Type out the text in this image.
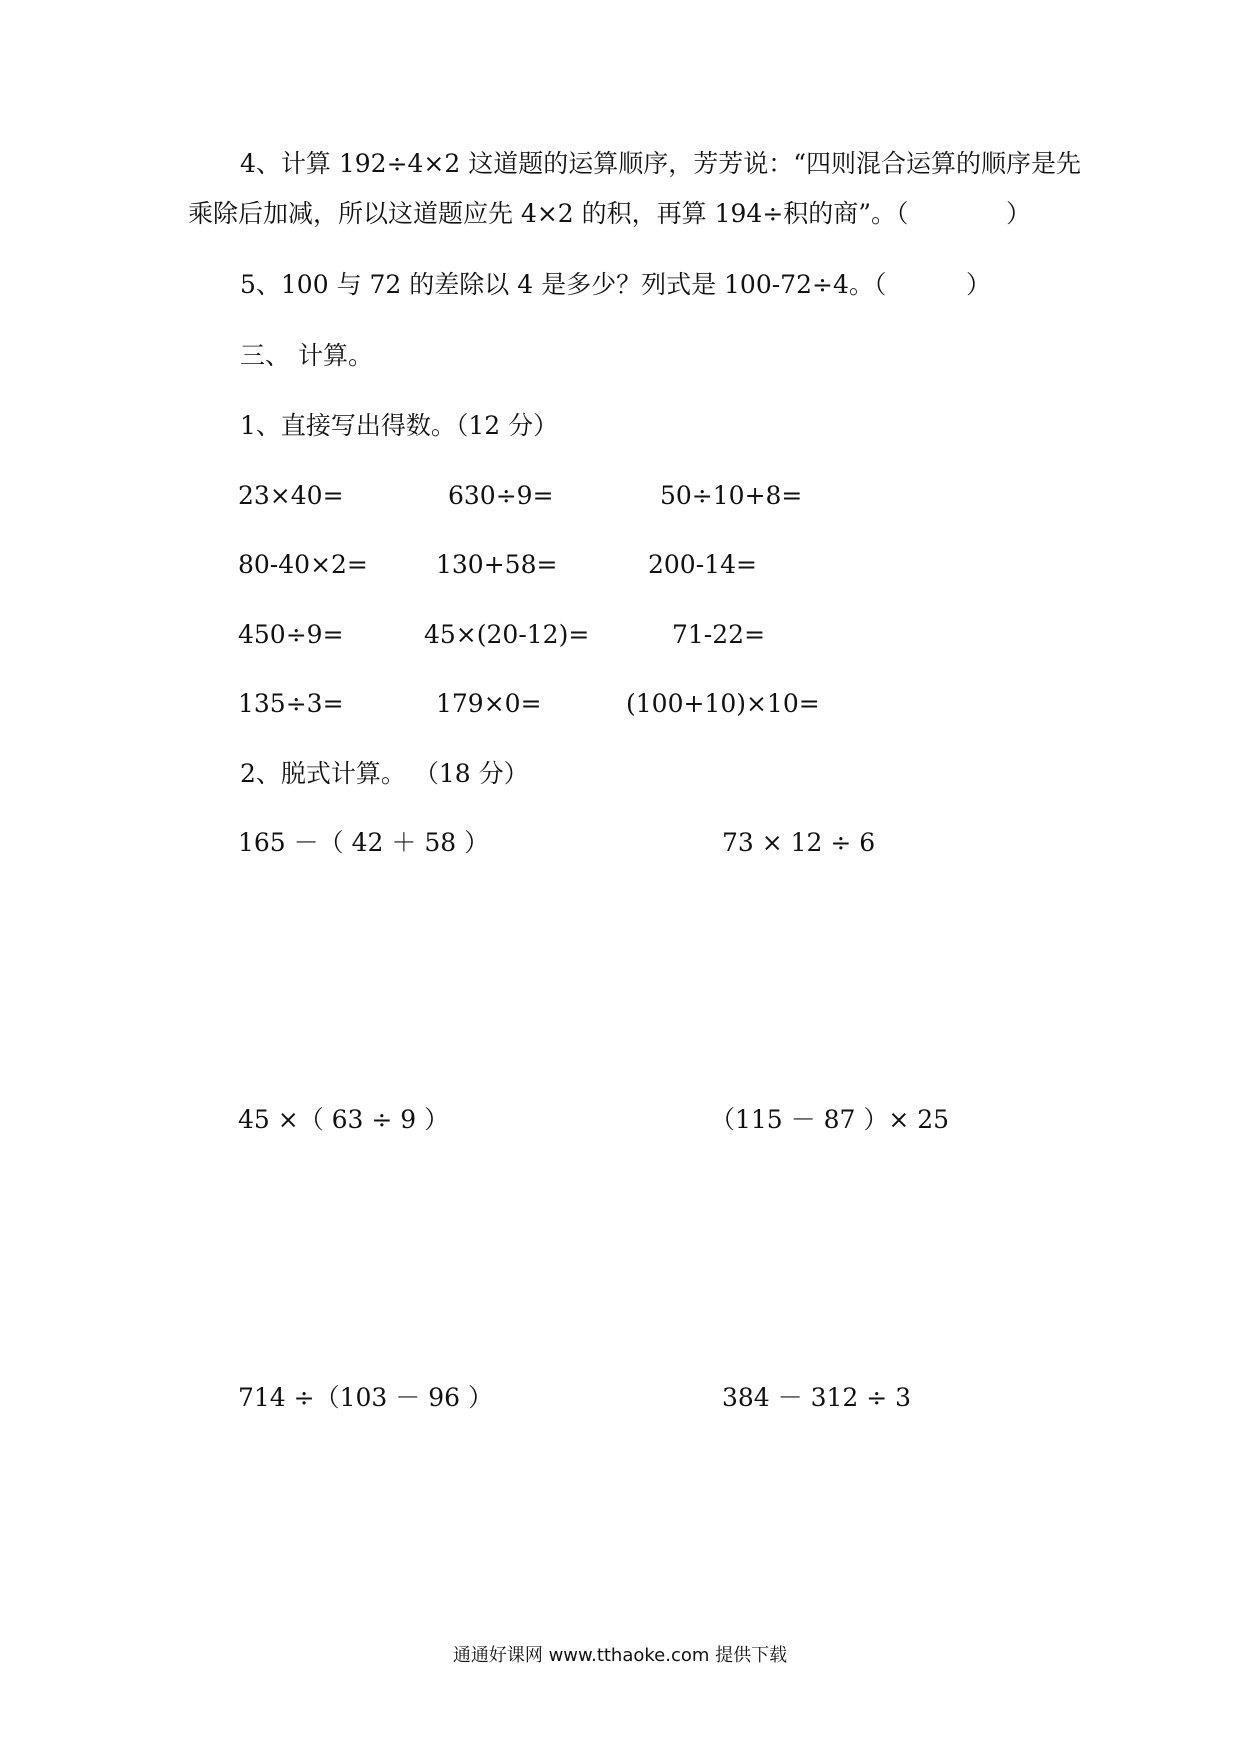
4、计算 192÷4×2 这道题的运算顺序，芳芳说：“四则混合运算的顺序是先
乘除后加减，所以这道题应先 4×2 的积，再算 194÷积的商”。（	）
5、100 与 72 的差除以 4 是多少？列式是 100-72÷4。（	）
三、 计算。
1、直接写出得数。（12 分）
23×40=	630÷9=	50÷10+8=
80-40×2=	130+58=	200-14=
450÷9=	45×(20-12)=	71-22=
135÷3=	179×0=	(100+10)×10=
2、脱式计算。 （18 分）
165 －（ 42 ＋ 58 ）	73 × 12 ÷ 6
45 ×（ 63 ÷ 9 ）	（115 － 87 ）× 25
714 ÷（103 － 96 ）	384 － 312 ÷ 3
通通好课网 www.tthaoke.com 提供下载
